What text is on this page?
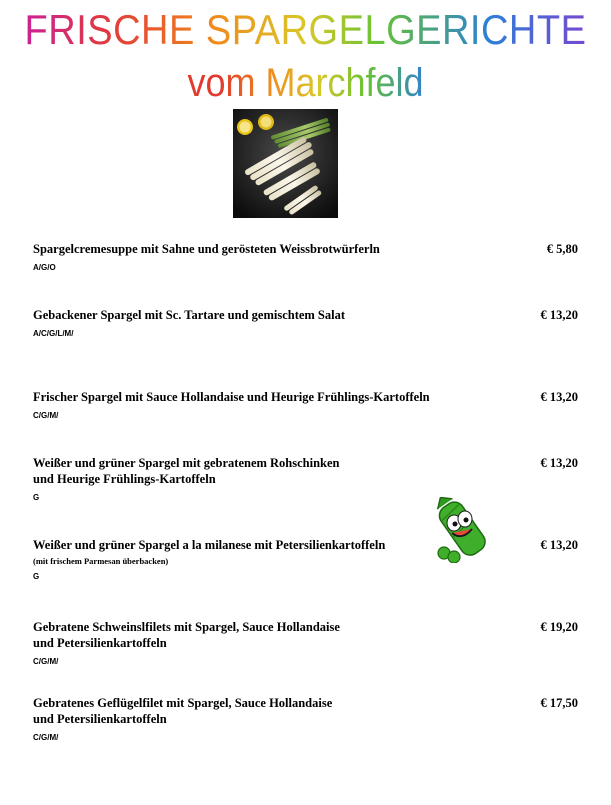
FRISCHE SPARGELGERICHTE
vom Marchfeld
Spargelcremesuppe mit Sahne und gerösteten Weissbrotwürferln
A/G/O
€ 5,80
Gebackener Spargel mit Sc. Tartare und gemischtem Salat
A/C/G/L/M/
€ 13,20
Frischer Spargel mit Sauce Hollandaise und Heurige Frühlings-Kartoffeln
C/G/M/
€ 13,20
Weißer und grüner Spargel mit gebratenem Rohschinken
und Heurige Frühlings-Kartoffeln
G
€ 13,20
Weißer und grüner Spargel a la milanese mit Petersilienkartoffeln
(mit frischem Parmesan überbacken)
G
€ 13,20
Gebratene Schweinslfilets mit Spargel, Sauce Hollandaise
und Petersilienkartoffeln
C/G/M/
€ 19,20
Gebratenes Geflügelfilet mit Spargel, Sauce Hollandaise
und Petersilienkartoffeln
C/G/M/
€ 17,50
